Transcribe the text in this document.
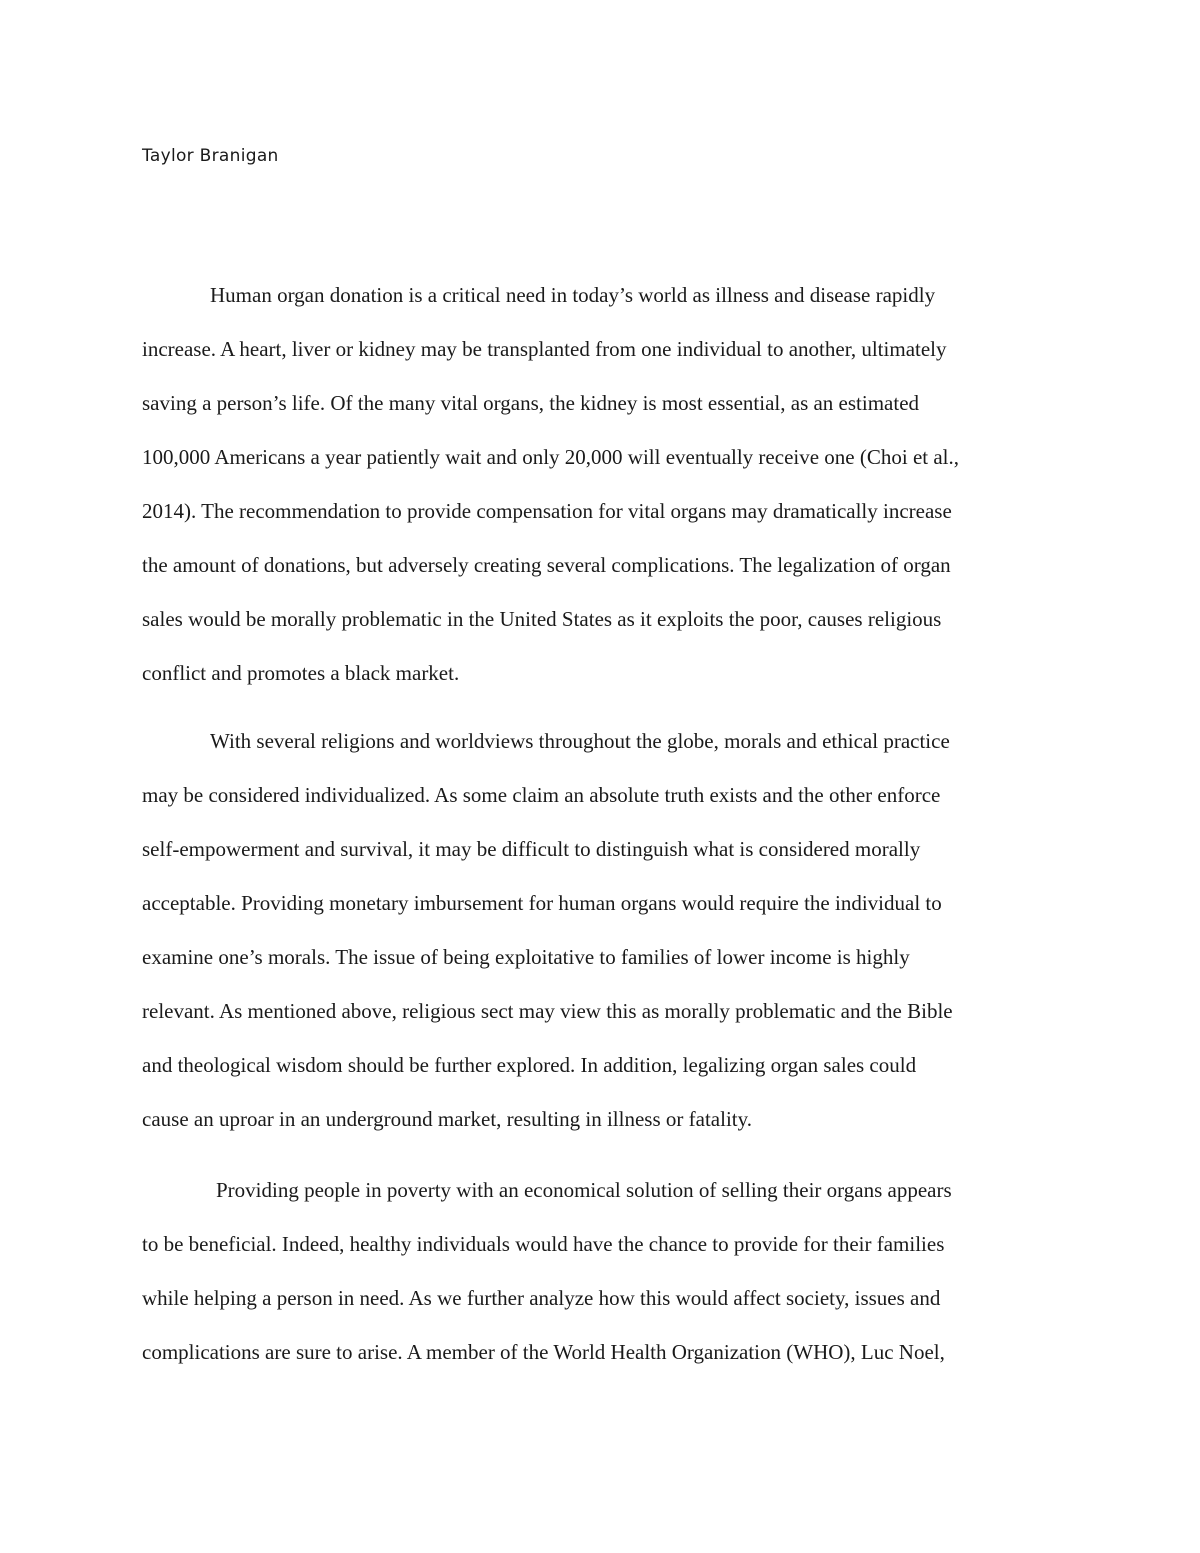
Taylor Branigan
Human organ donation is a critical need in today’s world as illness and disease rapidly
increase. A heart, liver or kidney may be transplanted from one individual to another, ultimately
saving a person’s life. Of the many vital organs, the kidney is most essential, as an estimated
100,000 Americans a year patiently wait and only 20,000 will eventually receive one (Choi et al.,
2014). The recommendation to provide compensation for vital organs may dramatically increase
the amount of donations, but adversely creating several complications. The legalization of organ
sales would be morally problematic in the United States as it exploits the poor, causes religious
conflict and promotes a black market.
With several religions and worldviews throughout the globe, morals and ethical practice
may be considered individualized. As some claim an absolute truth exists and the other enforce
self-empowerment and survival, it may be difficult to distinguish what is considered morally
acceptable. Providing monetary imbursement for human organs would require the individual to
examine one’s morals. The issue of being exploitative to families of lower income is highly
relevant. As mentioned above, religious sect may view this as morally problematic and the Bible
and theological wisdom should be further explored. In addition, legalizing organ sales could
cause an uproar in an underground market, resulting in illness or fatality.
Providing people in poverty with an economical solution of selling their organs appears
to be beneficial. Indeed, healthy individuals would have the chance to provide for their families
while helping a person in need. As we further analyze how this would affect society, issues and
complications are sure to arise. A member of the World Health Organization (WHO), Luc Noel,
